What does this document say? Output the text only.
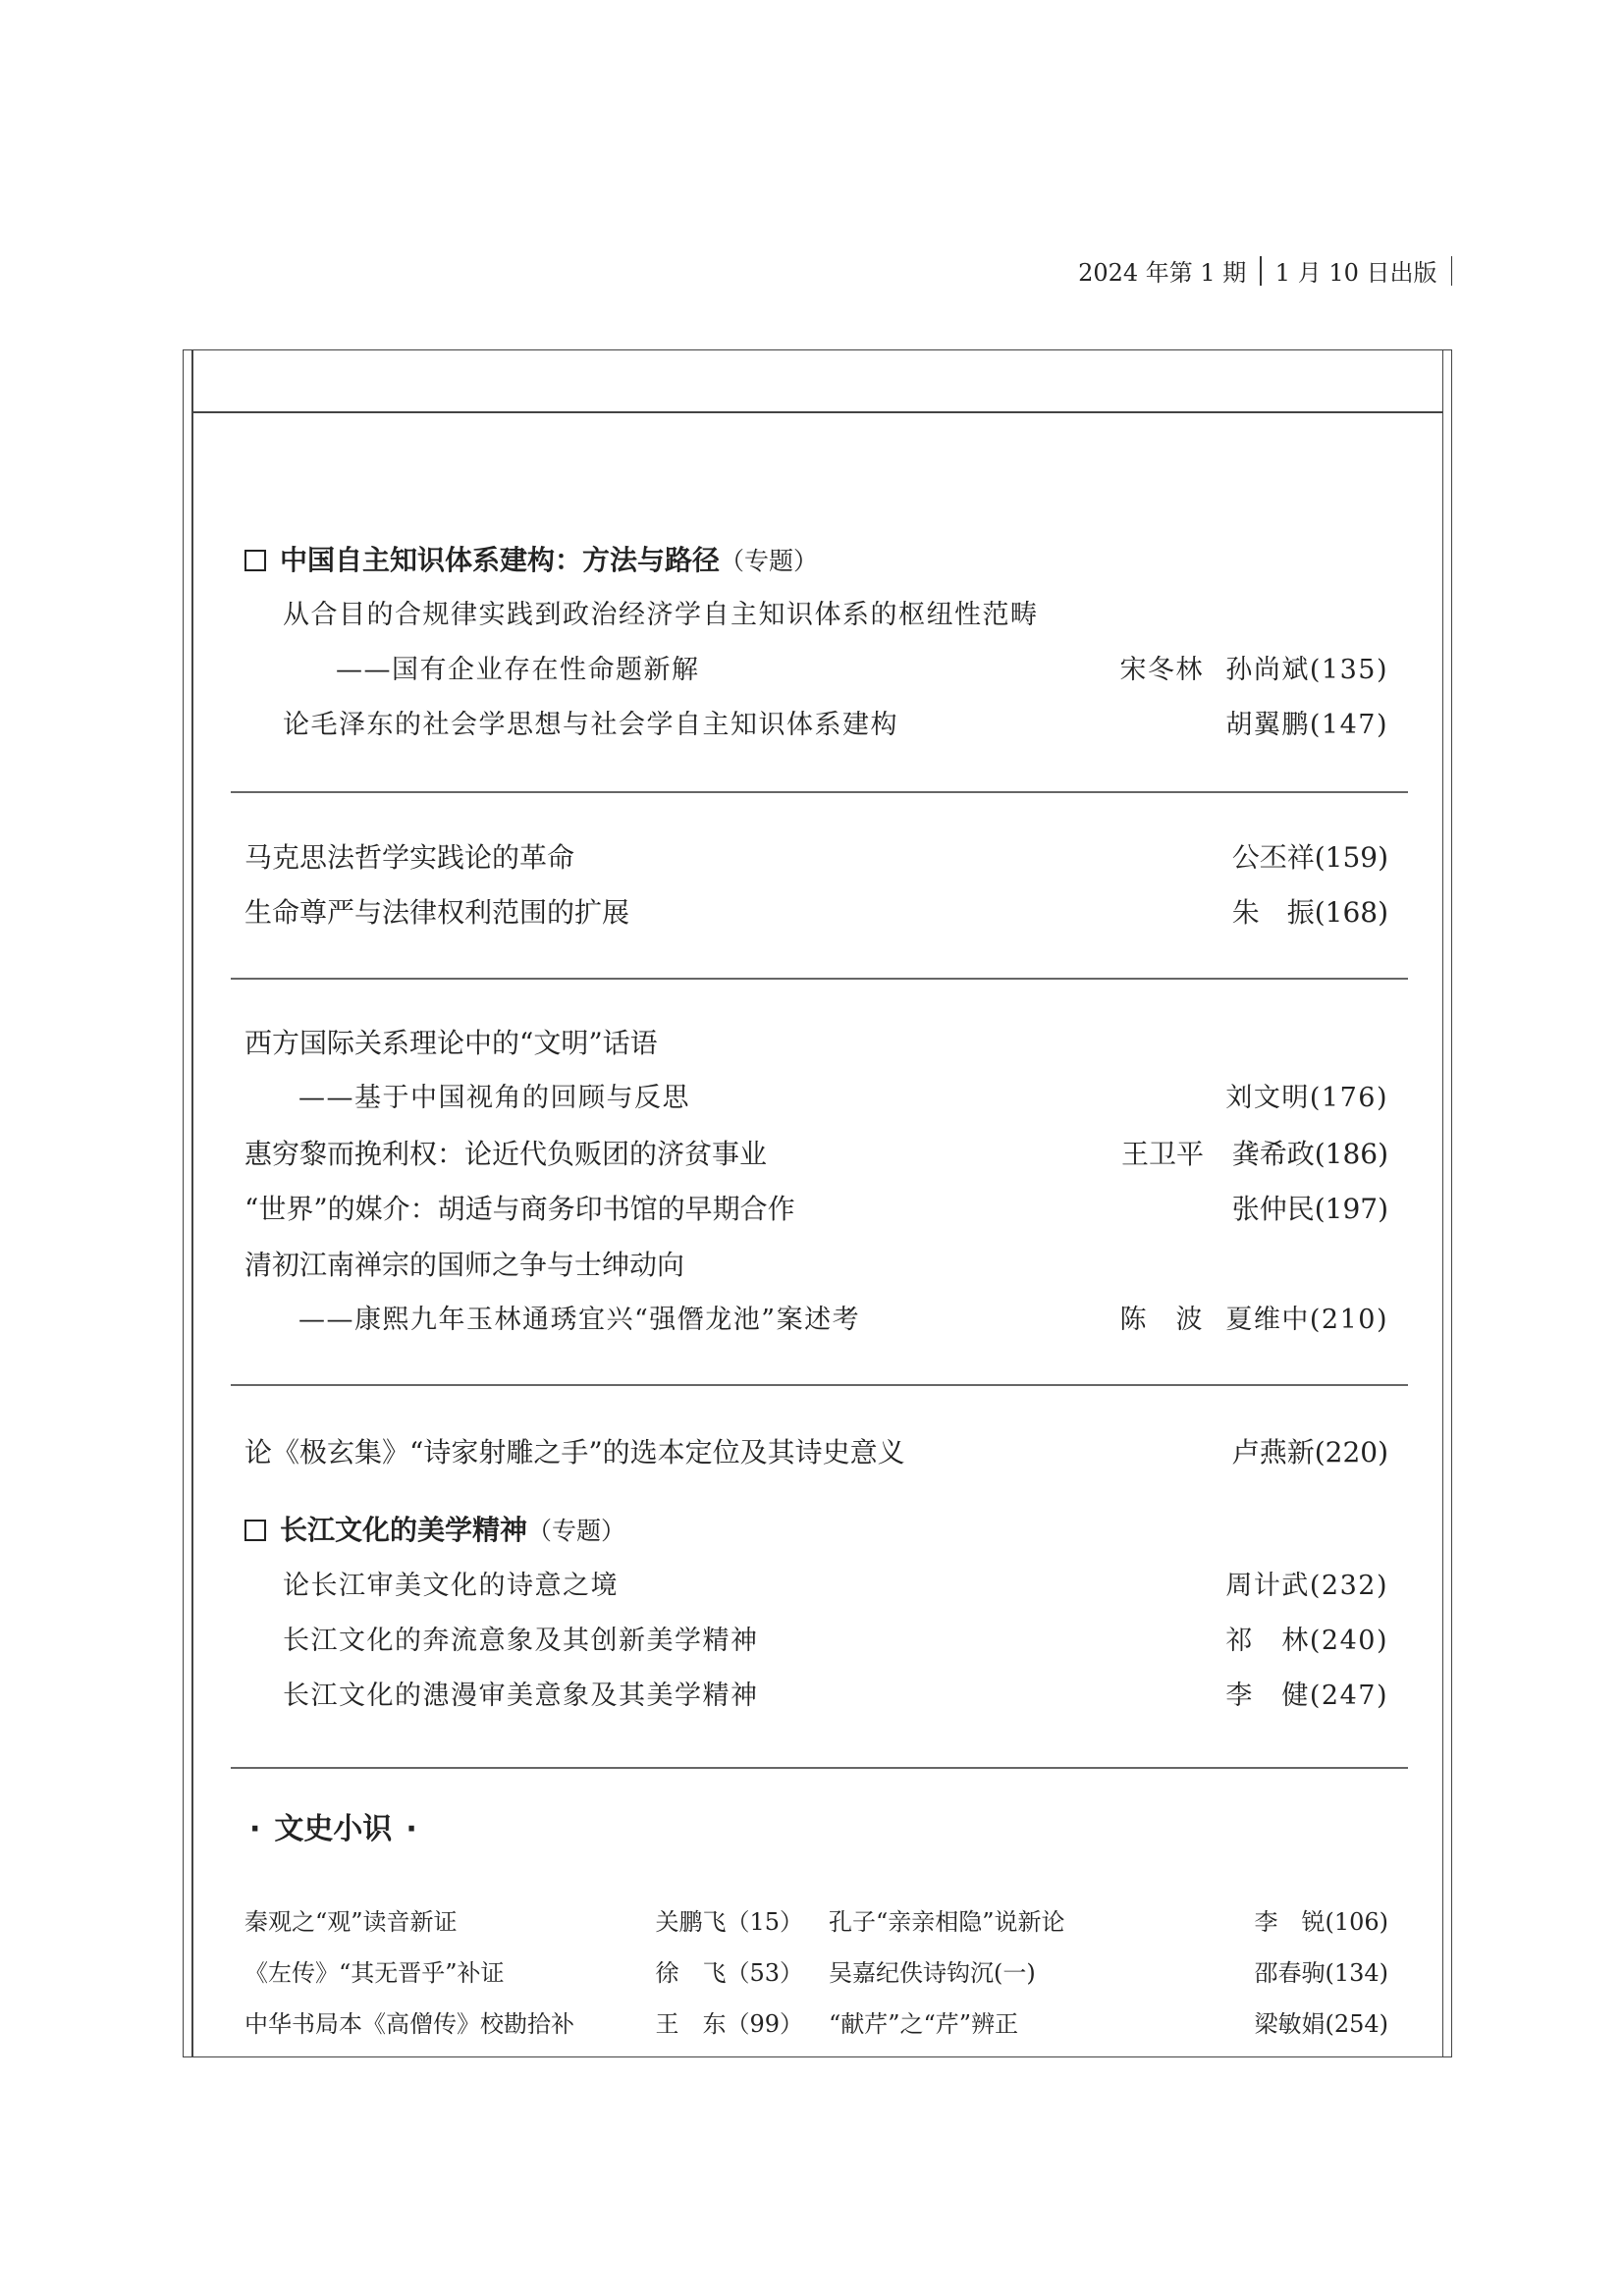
2024 年第 1 期 1 月 10 日出版
中国自主知识体系建构：方法与路径（专题）
从合目的合规律实践到政治经济学自主知识体系的枢纽性范畴
——国有企业存在性命题新解	宋冬林 孙尚斌(135)
论毛泽东的社会学思想与社会学自主知识体系建构	胡翼鹏(147)
马克思法哲学实践论的革命	公丕祥(159)
生命尊严与法律权利范围的扩展	朱　振(168)
西方国际关系理论中的“文明”话语
——基于中国视角的回顾与反思	刘文明(176)
惠穷黎而挽利权：论近代负贩团的济贫事业	王卫平 龚希政(186)
“世界”的媒介：胡适与商务印书馆的早期合作	张仲民(197)
清初江南禅宗的国师之争与士绅动向
——康熙九年玉林通琇宜兴“强僭龙池”案述考	陈　波 夏维中(210)
论《极玄集》“诗家射雕之手”的选本定位及其诗史意义	卢燕新(220)
长江文化的美学精神（专题）
论长江审美文化的诗意之境	周计武(232)
长江文化的奔流意象及其创新美学精神	祁　林(240)
长江文化的漶漫审美意象及其美学精神	李　健(247)
· 文史小识 ·
秦观之“观”读音新证	关鹏飞（15） 孔子“亲亲相隐”说新论	李　锐(106)
《左传》“其无晋乎”补证	徐　飞（53） 吴嘉纪佚诗钩沉(一)	邵春驹(134)
中华书局本《高僧传》校勘拾补	王　东（99） “献芹”之“芹”辨正	梁敏娟(254)
